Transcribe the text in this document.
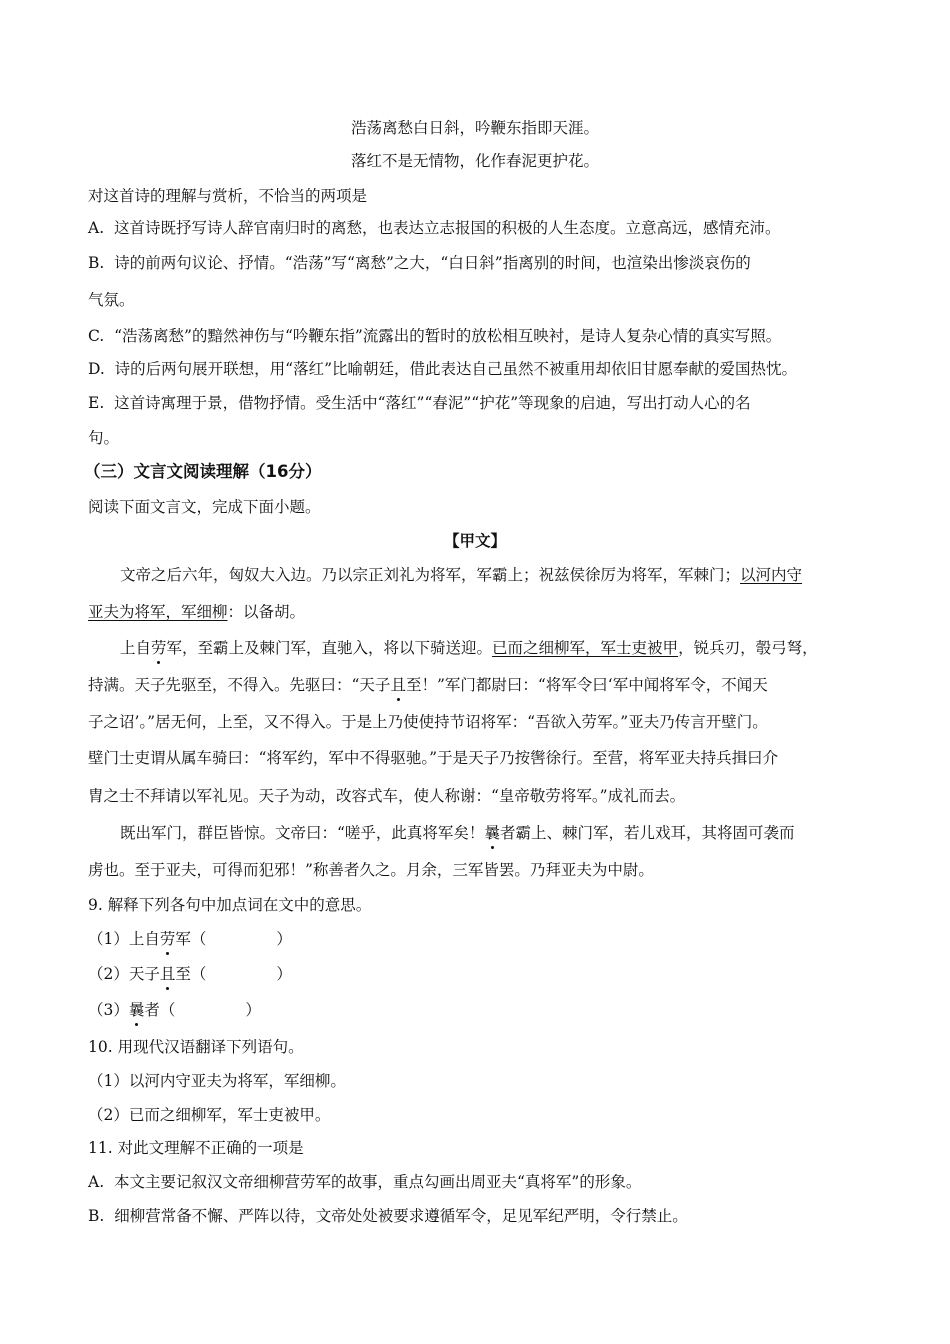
浩荡离愁白日斜，吟鞭东指即天涯。
落红不是无情物，化作春泥更护花。
对这首诗的理解与赏析，不恰当的两项是
A. 这首诗既抒写诗人辞官南归时的离愁，也表达立志报国的积极的人生态度。立意高远，感情充沛。
B. 诗的前两句议论、抒情。“浩荡”写“离愁”之大，“白日斜”指离别的时间，也渲染出惨淡哀伤的
气氛。
C. “浩荡离愁”的黯然神伤与“吟鞭东指”流露出的暂时的放松相互映衬，是诗人复杂心情的真实写照。
D. 诗的后两句展开联想，用“落红”比喻朝廷，借此表达自己虽然不被重用却依旧甘愿奉献的爱国热忱。
E. 这首诗寓理于景，借物抒情。受生活中“落红”“春泥”“护花”等现象的启迪，写出打动人心的名
句。
（三）文言文阅读理解（16分）
阅读下面文言文，完成下面小题。
【甲文】
文帝之后六年，匈奴大入边。乃以宗正刘礼为将军，军霸上；祝兹侯徐厉为将军，军棘门；以河内守
亚夫为将军，军细柳：以备胡。
上自劳军，至霸上及棘门军，直驰入，将以下骑送迎。已而之细柳军，军士吏被甲，锐兵刃，彀弓弩，
持满。天子先驱至，不得入。先驱曰：“天子且至！”军门都尉曰：“将军令曰‘军中闻将军令，不闻天
子之诏’。”居无何，上至，又不得入。于是上乃使使持节诏将军：“吾欲入劳军。”亚夫乃传言开壁门。
壁门士吏谓从属车骑曰：“将军约，军中不得驱驰。”于是天子乃按辔徐行。至营，将军亚夫持兵揖曰介
胄之士不拜请以军礼见。天子为动，改容式车，使人称谢：“皇帝敬劳将军。”成礼而去。
既出军门，群臣皆惊。文帝曰：“嗟乎，此真将军矣！曩者霸上、棘门军，若儿戏耳，其将固可袭而
虏也。至于亚夫，可得而犯邪！”称善者久之。月余，三军皆罢。乃拜亚夫为中尉。
9. 解释下列各句中加点词在文中的意思。
（1）上自劳军（	）
（2）天子且至（	）
（3）曩者（	）
10. 用现代汉语翻译下列语句。
（1）以河内守亚夫为将军，军细柳。
（2）已而之细柳军，军士吏被甲。
11. 对此文理解不正确的一项是
A. 本文主要记叙汉文帝细柳营劳军的故事，重点勾画出周亚夫“真将军”的形象。
B. 细柳营常备不懈、严阵以待，文帝处处被要求遵循军令，足见军纪严明，令行禁止。
